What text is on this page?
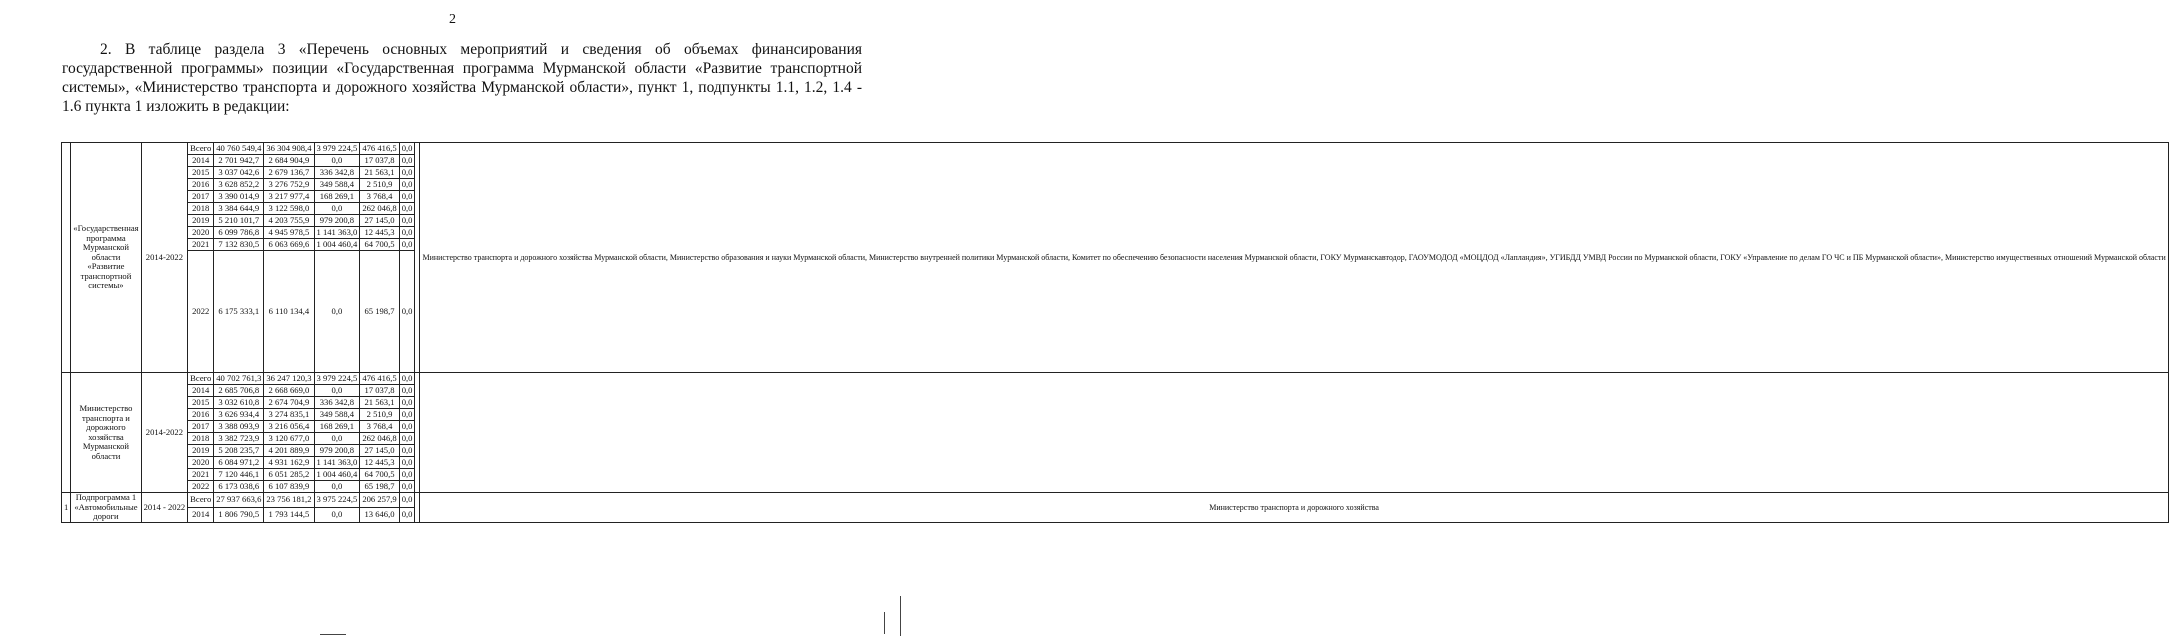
2
2. В таблице раздела 3 «Перечень основных мероприятий и сведения об объемах финансирования государственной программы» позиции «Государственная программа Мурманской области «Развитие транспортной системы», «Министерство транспорта и дорожного хозяйства Мурманской области», пункт 1, подпункты 1.1, 1.2, 1.4 - 1.6 пункта 1 изложить в редакции:
	«Государственная программа Мурманской области «Развитие транспортной системы»	2014-2022	Всего	40 760 549,4	36 304 908,4	3 979 224,5	476 416,5	0,0		Министерство транспорта и дорожного хозяйства Мурманской области, Министерство образования и науки Мурманской области, Министерство внутренней политики Мурманской области, Комитет по обеспечению безопасности населения Мурманской области, ГОКУ Мурманскавтодор, ГАОУМОДОД «МОЦДОД «Лапландия», УГИБДД УМВД России по Мурманской области, ГОКУ «Управление по делам ГО ЧС и ПБ Мурманской области», Министерство имущественных отношений Мурманской области
			2014	2 701 942,7	2 684 904,9	0,0	17 037,8	0,0		
			2015	3 037 042,6	2 679 136,7	336 342,8	21 563,1	0,0		
			2016	3 628 852,2	3 276 752,9	349 588,4	2 510,9	0,0		
			2017	3 390 014,9	3 217 977,4	168 269,1	3 768,4	0,0		
			2018	3 384 644,9	3 122 598,0	0,0	262 046,8	0,0		
			2019	5 210 101,7	4 203 755,9	979 200,8	27 145,0	0,0		
			2020	6 099 786,8	4 945 978,5	1 141 363,0	12 445,3	0,0		
			2021	7 132 830,5	6 063 669,6	1 004 460,4	64 700,5	0,0		
			2022	6 175 333,1	6 110 134,4	0,0	65 198,7	0,0		
	Министерство транспорта и дорожного хозяйства Мурманской области	2014-2022	Всего	40 702 761,3	36 247 120,3	3 979 224,5	476 416,5	0,0		
			2014	2 685 706,8	2 668 669,0	0,0	17 037,8	0,0		
			2015	3 032 610,8	2 674 704,9	336 342,8	21 563,1	0,0		
			2016	3 626 934,4	3 274 835,1	349 588,4	2 510,9	0,0		
			2017	3 388 093,9	3 216 056,4	168 269,1	3 768,4	0,0		
			2018	3 382 723,9	3 120 677,0	0,0	262 046,8	0,0		
			2019	5 208 235,7	4 201 889,9	979 200,8	27 145,0	0,0		
			2020	6 084 971,2	4 931 162,9	1 141 363,0	12 445,3	0,0		
			2021	7 120 446,1	6 051 285,2	1 004 460,4	64 700,5	0,0		
			2022	6 173 038,6	6 107 839,9	0,0	65 198,7	0,0		
1	Подпрограмма 1 «Автомобильные дороги	2014 - 2022	Всего	27 937 663,6	23 756 181,2	3 975 224,5	206 257,9	0,0		Министерство транспорта и дорожного хозяйства
			2014	1 806 790,5	1 793 144,5	0,0	13 646,0	0,0		
